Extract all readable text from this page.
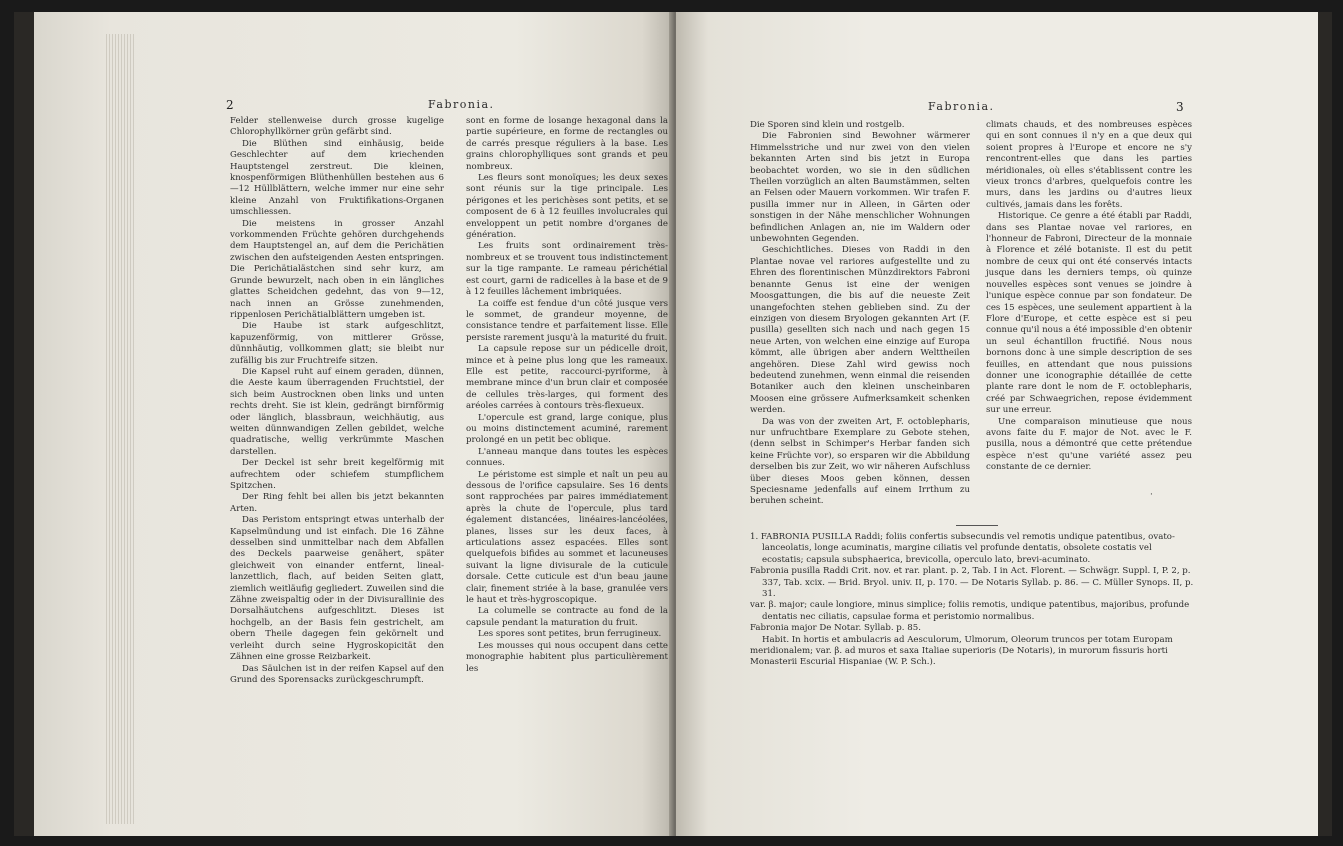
2	Fabronia.

Felder stellenweise durch grosse kugelige Chlorophyllkörner grün gefärbt sind.

Die Blüthen sind einhäusig, beide Geschlechter auf dem kriechenden Hauptstengel zerstreut. Die kleinen, knospenförmigen Blüthenhüllen bestehen aus 6—12 Hüllblättern, welche immer nur eine sehr kleine Anzahl von Fruktifikations-Organen umschliessen.

Die meistens in grosser Anzahl vorkommenden Früchte gehören durchgehends dem Hauptstengel an, auf dem die Perichätien zwischen den aufsteigenden Aesten entspringen. Die Perichätialästchen sind sehr kurz, am Grunde bewurzelt, nach oben in ein längliches glattes Scheidchen gedehnt, das von 9—12, nach innen an Grösse zunehmenden, rippenlosen Perichätialblättern umgeben ist.

Die Haube ist stark aufgeschlitzt, kapuzenförmig, von mittlerer Grösse, dünnhäutig, vollkommen glatt; sie bleibt nur zufällig bis zur Fruchtreife sitzen.

Die Kapsel ruht auf einem geraden, dünnen, die Aeste kaum überragenden Fruchtstiel, der sich beim Austrocknen oben links und unten rechts dreht. Sie ist klein, gedrängt birnförmig oder länglich, blassbraun, weichhäutig, aus weiten dünnwandigen Zellen gebildet, welche quadratische, wellig verkrümmte Maschen darstellen.

Der Deckel ist sehr breit kegelförmig mit aufrechtem oder schiefem stumpflichem Spitzchen.

Der Ring fehlt bei allen bis jetzt bekannten Arten.

Das Peristom entspringt etwas unterhalb der Kapselmündung und ist einfach. Die 16 Zähne desselben sind unmittelbar nach dem Abfallen des Deckels paarweise genähert, später gleichweit von einander entfernt, lineal-lanzettlich, flach, auf beiden Seiten glatt, ziemlich weitläufig gegliedert. Zuweilen sind die Zähne zweispaltig oder in der Divisurallinie des Dorsalhäutchens aufgeschlitzt. Dieses ist hochgelb, an der Basis fein gestrichelt, am obern Theile dagegen fein gekörnelt und verleiht durch seine Hygroskopicität den Zähnen eine grosse Reizbarkeit.

Das Säulchen ist in der reifen Kapsel auf den Grund des Sporensacks zurückgeschrumpft.

sont en forme de losange hexagonal dans la partie supérieure, en forme de rectangles ou de carrés presque réguliers à la base. Les grains chlorophylliques sont grands et peu nombreux.

Les fleurs sont monoïques; les deux sexes sont réunis sur la tige principale. Les périgones et les perichèses sont petits, et se composent de 6 à 12 feuilles involucrales qui enveloppent un petit nombre d'organes de génération.

Les fruits sont ordinairement très-nombreux et se trouvent tous indistinctement sur la tige rampante. Le rameau périchétial est court, garni de radicelles à la base et de 9 à 12 feuilles lâchement imbriquées.

La coiffe est fendue d'un côté jusque vers le sommet, de grandeur moyenne, de consistance tendre et parfaitement lisse. Elle persiste rarement jusqu'à la maturité du fruit.

La capsule repose sur un pédicelle droit, mince et à peine plus long que les rameaux. Elle est petite, raccourci-pyriforme, à membrane mince d'un brun clair et composée de cellules très-larges, qui forment des aréoles carrées à contours très-flexueux.

L'opercule est grand, large conique, plus ou moins distinctement acuminé, rarement prolongé en un petit bec oblique.

L'anneau manque dans toutes les espèces connues.

Le péristome est simple et naît un peu au dessous de l'orifice capsulaire. Ses 16 dents sont rapprochées par paires immédiatement après la chute de l'opercule, plus tard également distancées, linéaires-lancéolées, planes, lisses sur les deux faces, à articulations assez espacées. Elles sont quelquefois bifides au sommet et lacuneuses suivant la ligne divisurale de la cuticule dorsale. Cette cuticule est d'un beau jaune clair, finement striée à la base, granulée vers le haut et très-hygroscopique.

La columelle se contracte au fond de la capsule pendant la maturation du fruit.

Les spores sont petites, brun ferrugineux.

Les mousses qui nous occupent dans cette monographie habitent plus particulièrement les

Fabronia.	3

Die Sporen sind klein und rostgelb.

Die Fabronien sind Bewohner wärmerer Himmelsstriche und nur zwei von den vielen bekannten Arten sind bis jetzt in Europa beobachtet worden, wo sie in den südlichen Theilen vorzüglich an alten Baumstämmen, selten an Felsen oder Mauern vorkommen. Wir trafen F. pusilla immer nur in Alleen, in Gärten oder sonstigen in der Nähe menschlicher Wohnungen befindlichen Anlagen an, nie im Waldern oder unbewohnten Gegenden.

Geschichtliches. Dieses von Raddi in den Plantae novae vel rariores aufgestellte und zu Ehren des florentinischen Münzdirektors Fabroni benannte Genus ist eine der wenigen Moosgattungen, die bis auf die neueste Zeit unangefochten stehen geblieben sind. Zu der einzigen von diesem Bryologen gekannten Art (F. pusilla) gesellten sich nach und nach gegen 15 neue Arten, von welchen eine einzige auf Europa kömmt, alle übrigen aber andern Welttheilen angehören. Diese Zahl wird gewiss noch bedeutend zunehmen, wenn einmal die reisenden Botaniker auch den kleinen unscheinbaren Moosen eine grössere Aufmerksamkeit schenken werden.

Da was von der zweiten Art, F. octoblepharis, nur unfruchtbare Exemplare zu Gebote stehen, (denn selbst in Schimper's Herbar fanden sich keine Früchte vor), so ersparen wir die Abbildung derselben bis zur Zeit, wo wir näheren Aufschluss über dieses Moos geben können, dessen Speciesname jedenfalls auf einem Irrthum zu beruhen scheint.

climats chauds, et des nombreuses espèces qui en sont connues il n'y en a que deux qui soient propres à l'Europe et encore ne s'y rencontrent-elles que dans les parties méridionales, où elles s'établissent contre les vieux troncs d'arbres, quelquefois contre les murs, dans les jardins ou d'autres lieux cultivés, jamais dans les forêts.

Historique. Ce genre a été établi par Raddi, dans ses Plantae novae vel rariores, en l'honneur de Fabroni, Directeur de la monnaie à Florence et zélé botaniste. Il est du petit nombre de ceux qui ont été conservés intacts jusque dans les derniers temps, où quinze nouvelles espèces sont venues se joindre à l'unique espèce connue par son fondateur. De ces 15 espèces, une seulement appartient à la Flore d'Europe, et cette espèce est si peu connue qu'il nous a été impossible d'en obtenir un seul échantillon fructifié. Nous nous bornons donc à une simple description de ses feuilles, en attendant que nous puissions donner une iconographie détaillée de cette plante rare dont le nom de F. octoblepharis, créé par Schwaegrichen, repose évidemment sur une erreur.

Une comparaison minutieuse que nous avons faite du F. major de Not. avec le F. pusilla, nous a démontré que cette prétendue espèce n'est qu'une variété assez peu constante de ce dernier.

·

1. FABRONIA PUSILLA Raddi; foliis confertis subsecundis vel remotis undique patentibus, ovato-lanceolatis, longe acuminatis, margine ciliatis vel profunde dentatis, obsolete costatis vel ecostatis; capsula subsphaerica, brevicolla, operculo lato, brevi-acuminato.

Fabronia pusilla Raddi Crit. nov. et rar. plant. p. 2, Tab. I in Act. Florent. — Schwägr. Suppl. I, P. 2, p. 337, Tab. xcix. — Brid. Bryol. univ. II, p. 170. — De Notaris Syllab. p. 86. — C. Müller Synops. II, p. 31.

var. β. major; caule longiore, minus simplice; foliis remotis, undique patentibus, majoribus, profunde dentatis nec ciliatis, capsulae forma et peristomio normalibus.

Fabronia major De Notar. Syllab. p. 85.

Habit. In hortis et ambulacris ad Aesculorum, Ulmorum, Oleorum truncos per totam Europam meridionalem; var. β. ad muros et saxa Italiae superioris (De Notaris), in murorum fissuris horti Monasterii Escurial Hispaniae (W. P. Sch.).
